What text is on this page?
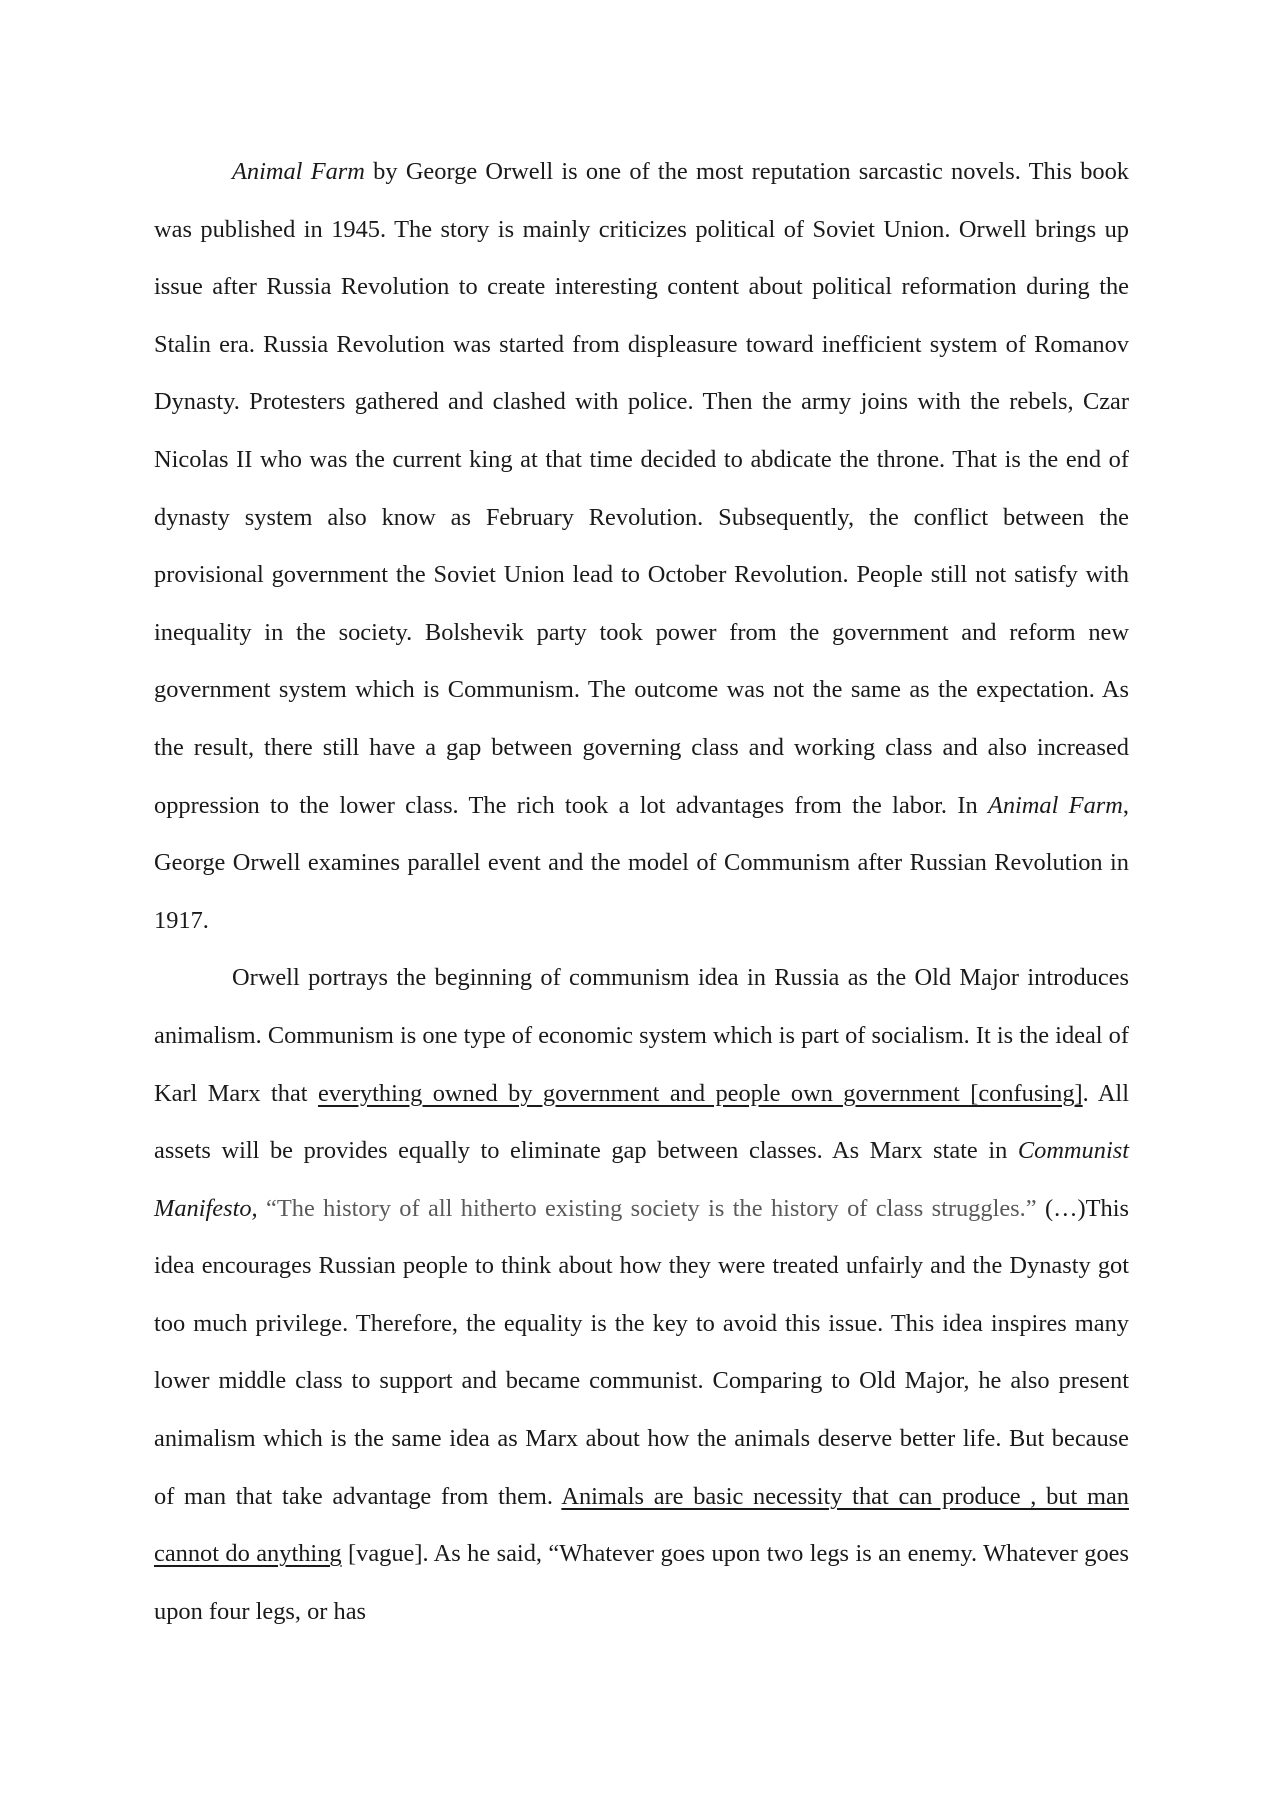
Animal Farm by George Orwell is one of the most reputation sarcastic novels. This book was published in 1945. The story is mainly criticizes political of Soviet Union. Orwell brings up issue after Russia Revolution to create interesting content about political reformation during the Stalin era. Russia Revolution was started from displeasure toward inefficient system of Romanov Dynasty. Protesters gathered and clashed with police. Then the army joins with the rebels, Czar Nicolas II who was the current king at that time decided to abdicate the throne. That is the end of dynasty system also know as February Revolution. Subsequently, the conflict between the provisional government the Soviet Union lead to October Revolution. People still not satisfy with inequality in the society. Bolshevik party took power from the government and reform new government system which is Communism. The outcome was not the same as the expectation. As the result, there still have a gap between governing class and working class and also increased oppression to the lower class. The rich took a lot advantages from the labor. In Animal Farm, George Orwell examines parallel event and the model of Communism after Russian Revolution in 1917.

Orwell portrays the beginning of communism idea in Russia as the Old Major introduces animalism. Communism is one type of economic system which is part of socialism. It is the ideal of Karl Marx that everything owned by government and people own government [confusing]. All assets will be provides equally to eliminate gap between classes. As Marx state in Communist Manifesto, “The history of all hitherto existing society is the history of class struggles.” (…)This idea encourages Russian people to think about how they were treated unfairly and the Dynasty got too much privilege. Therefore, the equality is the key to avoid this issue. This idea inspires many lower middle class to support and became communist. Comparing to Old Major, he also present animalism which is the same idea as Marx about how the animals deserve better life. But because of man that take advantage from them. Animals are basic necessity that can produce , but man cannot do anything [vague]. As he said, “Whatever goes upon two legs is an enemy. Whatever goes upon four legs, or has
